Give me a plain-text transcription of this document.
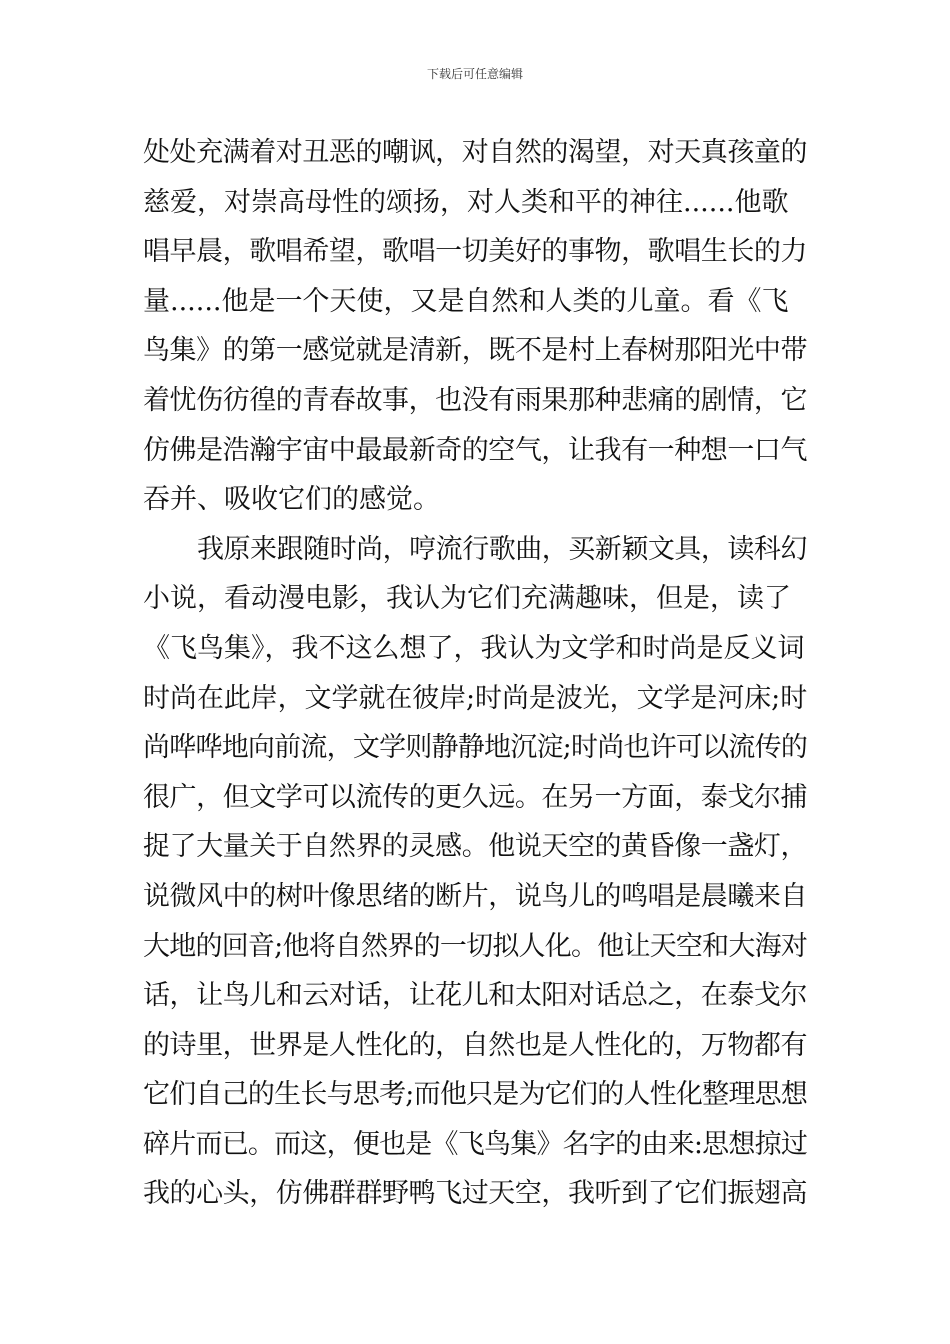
下载后可任意编辑
处处充满着对丑恶的嘲讽，对自然的渴望，对天真孩童的
慈爱，对崇高母性的颂扬，对人类和平的神往......他歌
唱早晨，歌唱希望，歌唱一切美好的事物，歌唱生长的力
量......他是一个天使，又是自然和人类的儿童。看《飞
鸟集》的第一感觉就是清新，既不是村上春树那阳光中带
着忧伤彷徨的青春故事，也没有雨果那种悲痛的剧情，它
仿佛是浩瀚宇宙中最最新奇的空气，让我有一种想一口气
吞并、吸收它们的感觉。
我原来跟随时尚，哼流行歌曲，买新颖文具，读科幻
小说，看动漫电影，我认为它们充满趣味，但是，读了
《飞鸟集》，我不这么想了，我认为文学和时尚是反义词
时尚在此岸，文学就在彼岸;时尚是波光，文学是河床;时
尚哗哗地向前流，文学则静静地沉淀;时尚也许可以流传的
很广，但文学可以流传的更久远。在另一方面，泰戈尔捕
捉了大量关于自然界的灵感。他说天空的黄昏像一盏灯，
说微风中的树叶像思绪的断片，说鸟儿的鸣唱是晨曦来自
大地的回音;他将自然界的一切拟人化。他让天空和大海对
话，让鸟儿和云对话，让花儿和太阳对话总之，在泰戈尔
的诗里，世界是人性化的，自然也是人性化的，万物都有
它们自己的生长与思考;而他只是为它们的人性化整理思想
碎片而已。而这，便也是《飞鸟集》名字的由来:思想掠过
我的心头，仿佛群群野鸭飞过天空，我听到了它们振翅高
